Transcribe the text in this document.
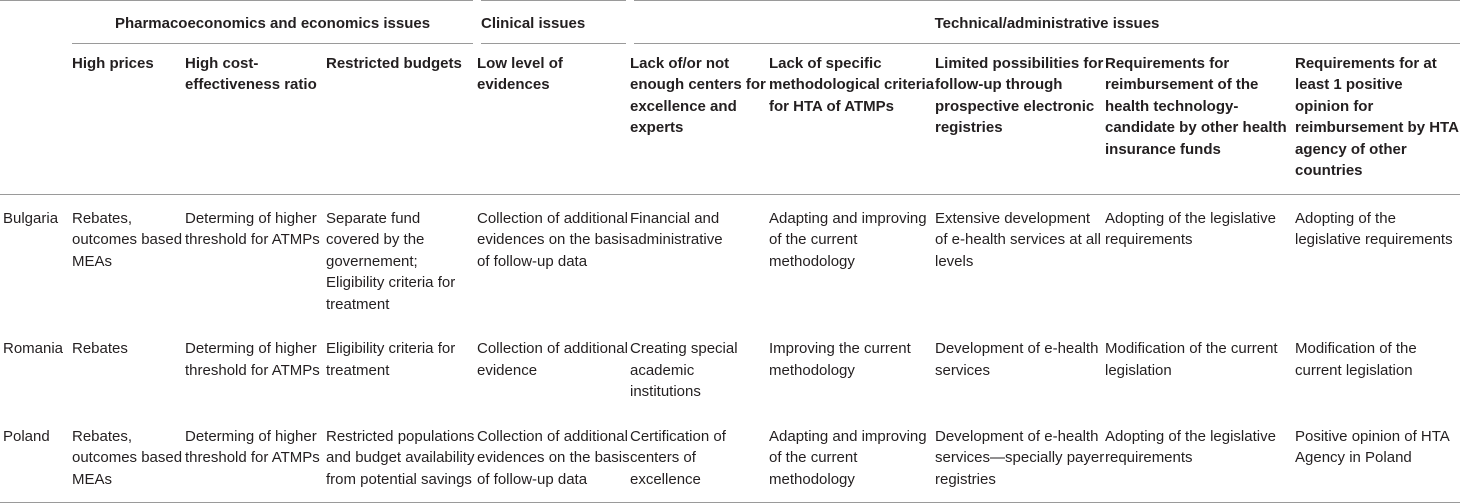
	Pharmacoeconomics and economics issues			Clinical issues	Technical/administrative issues				
	High prices	High cost-effectiveness ratio	Restricted budgets	Low level of evidences	Lack of/or not enough centers for excellence and experts	Lack of specific methodological criteria for HTA of ATMPs	Limited possibilities for follow-up through prospective electronic registries	Requirements for reimbursement of the health technology-candidate by other health insurance funds	Requirements for at least 1 positive opinion for reimbursement by HTA agency of other countries
Bulgaria	Rebates, outcomes based MEAs	Determing of higher threshold for ATMPs	Separate fund covered by the governement; Eligibility criteria for treatment	Collection of additional evidences on the basis of follow-up data	Financial and administrative	Adapting and improving of the current methodology	Extensive development of e-health services at all levels	Adopting of the legislative requirements	Adopting of the legislative requirements
Romania	Rebates	Determing of higher threshold for ATMPs	Eligibility criteria for treatment	Collection of additional evidence	Creating special academic institutions	Improving the current methodology	Development of e-health services	Modification of the current legislation	Modification of the current legislation
Poland	Rebates, outcomes based MEAs	Determing of higher threshold for ATMPs	Restricted populations and budget availability from potential savings	Collection of additional evidences on the basis of follow-up data	Certification of centers of excellence	Adapting and improving of the current methodology	Development of e-health services—specially payer registries	Adopting of the legislative requirements	Positive opinion of HTA Agency in Poland
